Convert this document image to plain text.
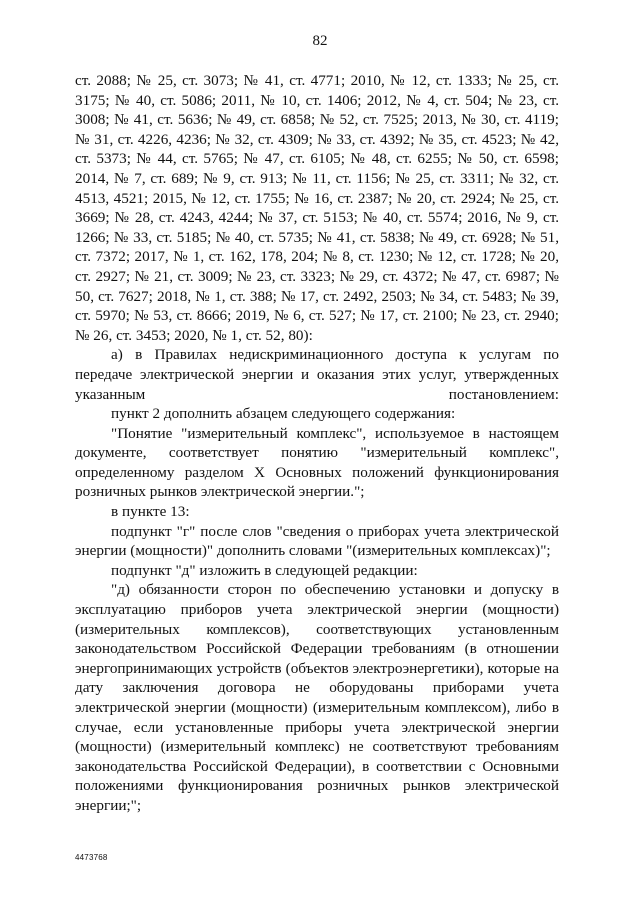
82

ст. 2088; № 25, ст. 3073; № 41, ст. 4771; 2010, № 12, ст. 1333; № 25, ст. 3175; № 40, ст. 5086; 2011, № 10, ст. 1406; 2012, № 4, ст. 504; № 23, ст. 3008; № 41, ст. 5636; № 49, ст. 6858; № 52, ст. 7525; 2013, № 30, ст. 4119; № 31, ст. 4226, 4236; № 32, ст. 4309; № 33, ст. 4392; № 35, ст. 4523; № 42, ст. 5373; № 44, ст. 5765; № 47, ст. 6105; № 48, ст. 6255; № 50, ст. 6598; 2014, № 7, ст. 689; № 9, ст. 913; № 11, ст. 1156; № 25, ст. 3311; № 32, ст. 4513, 4521; 2015, № 12, ст. 1755; № 16, ст. 2387; № 20, ст. 2924; № 25, ст. 3669; № 28, ст. 4243, 4244; № 37, ст. 5153; № 40, ст. 5574; 2016, № 9, ст. 1266; № 33, ст. 5185; № 40, ст. 5735; № 41, ст. 5838; № 49, ст. 6928; № 51, ст. 7372; 2017, № 1, ст. 162, 178, 204; № 8, ст. 1230; № 12, ст. 1728; № 20, ст. 2927; № 21, ст. 3009; № 23, ст. 3323; № 29, ст. 4372; № 47, ст. 6987; № 50, ст. 7627; 2018, № 1, ст. 388; № 17, ст. 2492, 2503; № 34, ст. 5483; № 39, ст. 5970; № 53, ст. 8666; 2019, № 6, ст. 527; № 17, ст. 2100; № 23, ст. 2940; № 26, ст. 3453; 2020, № 1, ст. 52, 80):

а) в Правилах недискриминационного доступа к услугам по передаче электрической энергии и оказания этих услуг, утвержденных указанным постановлением:

пункт 2 дополнить абзацем следующего содержания:

"Понятие "измерительный комплекс", используемое в настоящем документе, соответствует понятию "измерительный комплекс", определенному разделом X Основных положений функционирования розничных рынков электрической энергии.";

в пункте 13:

подпункт "г" после слов "сведения о приборах учета электрической энергии (мощности)" дополнить словами "(измерительных комплексах)";

подпункт "д" изложить в следующей редакции:

"д) обязанности сторон по обеспечению установки и допуску в эксплуатацию приборов учета электрической энергии (мощности) (измерительных комплексов), соответствующих установленным законодательством Российской Федерации требованиям (в отношении энергопринимающих устройств (объектов электроэнергетики), которые на дату заключения договора не оборудованы приборами учета электрической энергии (мощности) (измерительным комплексом), либо в случае, если установленные приборы учета электрической энергии (мощности) (измерительный комплекс) не соответствуют требованиям законодательства Российской Федерации), в соответствии с Основными положениями функционирования розничных рынков электрической энергии;";

4473768
